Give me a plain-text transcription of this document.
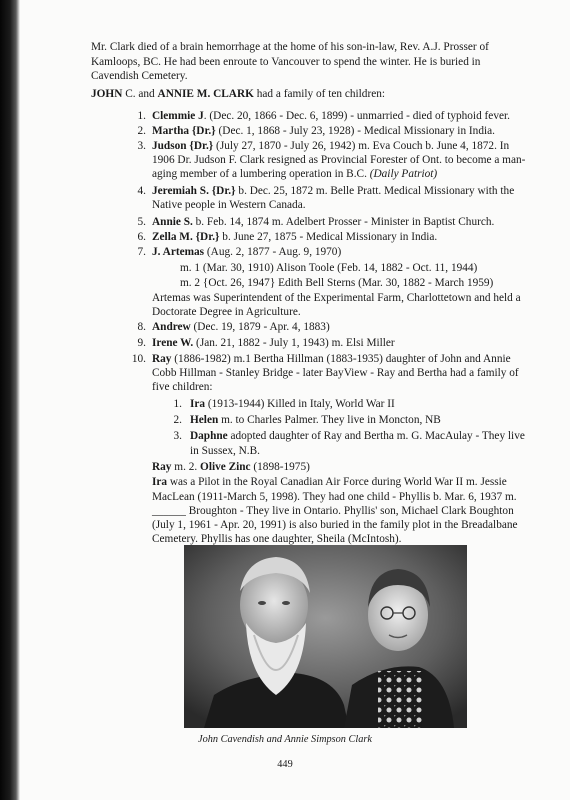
Mr. Clark died of a brain hemorrhage at the home of his son-in-law, Rev. A.J. Prosser of
Kamloops, BC. He had been enroute to Vancouver to spend the winter. He is buried in
Cavendish Cemetery.
JOHN C. and ANNIE M. CLARK had a family of ten children:
1. Clemmie J. (Dec. 20, 1866 - Dec. 6, 1899) - unmarried - died of typhoid fever.
2. Martha {Dr.} (Dec. 1, 1868 - July 23, 1928) - Medical Missionary in India.
3. Judson {Dr.} (July 27, 1870 - July 26, 1942) m. Eva Couch b. June 4, 1872. In
1906 Dr. Judson F. Clark resigned as Provincial Forester of Ont. to become a man-
aging member of a lumbering operation in B.C. (Daily Patriot)
4. Jeremiah S. {Dr.} b. Dec. 25, 1872 m. Belle Pratt. Medical Missionary with the
Native people in Western Canada.
5. Annie S. b. Feb. 14, 1874 m. Adelbert Prosser - Minister in Baptist Church.
6. Zella M. {Dr.} b. June 27, 1875 - Medical Missionary in India.
7. J. Artemas (Aug. 2, 1877 - Aug. 9, 1970)
m. 1 (Mar. 30, 1910) Alison Toole (Feb. 14, 1882 - Oct. 11, 1944)
m. 2 {Oct. 26, 1947} Edith Bell Sterns (Mar. 30, 1882 - March 1959)
Artemas was Superintendent of the Experimental Farm, Charlottetown and held a
Doctorate Degree in Agriculture.
8. Andrew (Dec. 19, 1879 - Apr. 4, 1883)
9. Irene W. (Jan. 21, 1882 - July 1, 1943) m. Elsi Miller
10. Ray (1886-1982) m.1 Bertha Hillman (1883-1935) daughter of John and Annie
Cobb Hillman - Stanley Bridge - later BayView - Ray and Bertha had a family of
five children:
1. Ira (1913-1944) Killed in Italy, World War II
2. Helen m. to Charles Palmer. They live in Moncton, NB
3. Daphne adopted daughter of Ray and Bertha m. G. MacAulay - They live
in Sussex, N.B.
Ray m. 2. Olive Zinc (1898-1975)
Ira was a Pilot in the Royal Canadian Air Force during World War II m. Jessie
MacLean (1911-March 5, 1998). They had one child - Phyllis b. Mar. 6, 1937 m.
______ Broughton - They live in Ontario. Phyllis' son, Michael Clark Boughton
(July 1, 1961 - Apr. 20, 1991) is also buried in the family plot in the Breadalbane
Cemetery. Phyllis has one daughter, Sheila (McIntosh).
John Cavendish and Annie Simpson Clark
449
